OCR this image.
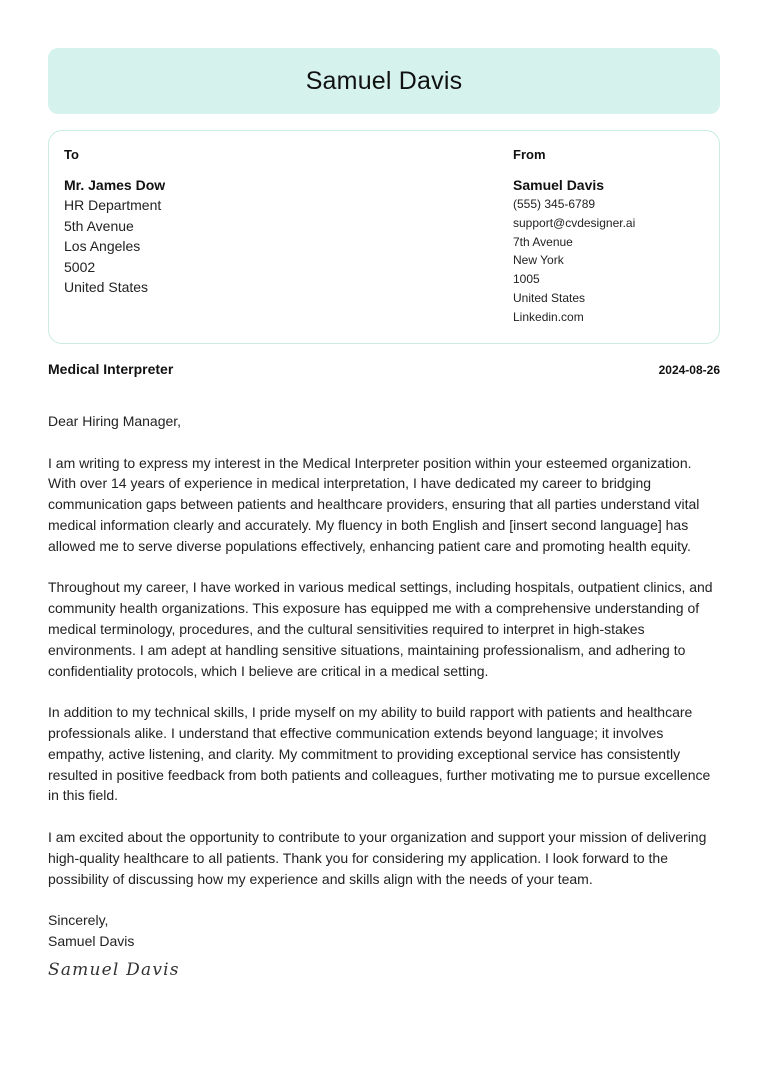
Samuel Davis
To
Mr. James Dow
HR Department
5th Avenue
Los Angeles
5002
United States
From
Samuel Davis
(555) 345-6789
support@cvdesigner.ai
7th Avenue
New York
1005
United States
Linkedin.com
Medical Interpreter	2024-08-26

Dear Hiring Manager,

I am writing to express my interest in the Medical Interpreter position within your esteemed organization. With over 14 years of experience in medical interpretation, I have dedicated my career to bridging communication gaps between patients and healthcare providers, ensuring that all parties understand vital medical information clearly and accurately. My fluency in both English and [insert second language] has allowed me to serve diverse populations effectively, enhancing patient care and promoting health equity.

Throughout my career, I have worked in various medical settings, including hospitals, outpatient clinics, and community health organizations. This exposure has equipped me with a comprehensive understanding of medical terminology, procedures, and the cultural sensitivities required to interpret in high-stakes environments. I am adept at handling sensitive situations, maintaining professionalism, and adhering to confidentiality protocols, which I believe are critical in a medical setting.

In addition to my technical skills, I pride myself on my ability to build rapport with patients and healthcare professionals alike. I understand that effective communication extends beyond language; it involves empathy, active listening, and clarity. My commitment to providing exceptional service has consistently resulted in positive feedback from both patients and colleagues, further motivating me to pursue excellence in this field.

I am excited about the opportunity to contribute to your organization and support your mission of delivering high-quality healthcare to all patients. Thank you for considering my application. I look forward to the possibility of discussing how my experience and skills align with the needs of your team.

Sincerely,
Samuel Davis
Samuel Davis
